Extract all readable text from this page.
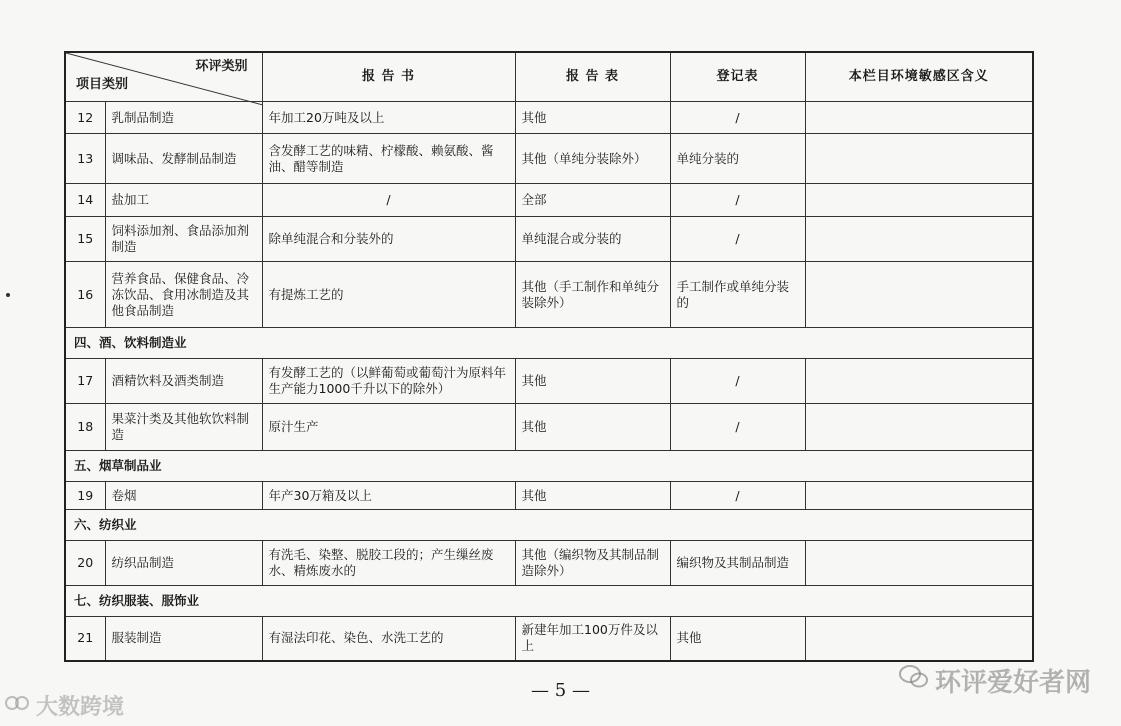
环评类别
项目类别		报 告 书	报 告 表	登记表	本栏目环境敏感区含义
12	乳制品制造	年加工20万吨及以上	其他	/	
13	调味品、发酵制品制造	含发酵工艺的味精、柠檬酸、赖氨酸、酱油、醋等制造	其他（单纯分装除外）	单纯分装的	
14	盐加工	/	全部	/	
15	饲料添加剂、食品添加剂制造	除单纯混合和分装外的	单纯混合或分装的	/	
16	营养食品、保健食品、冷冻饮品、食用冰制造及其他食品制造	有提炼工艺的	其他（手工制作和单纯分装除外）	手工制作或单纯分装的	
四、酒、饮料制造业					
17	酒精饮料及酒类制造	有发酵工艺的（以鲜葡萄或葡萄汁为原料年生产能力1000千升以下的除外）	其他	/	
18	果菜汁类及其他软饮料制造	原汁生产	其他	/	
五、烟草制品业					
19	卷烟	年产30万箱及以上	其他	/	
六、纺织业					
20	纺织品制造	有洗毛、染整、脱胶工段的；产生缫丝废水、精炼废水的	其他（编织物及其制品制造除外）	编织物及其制品制造	
七、纺织服装、服饰业					
21	服装制造	有湿法印花、染色、水洗工艺的	新建年加工100万件及以上	其他	
— 5 —	环评爱好者网
大数跨境
